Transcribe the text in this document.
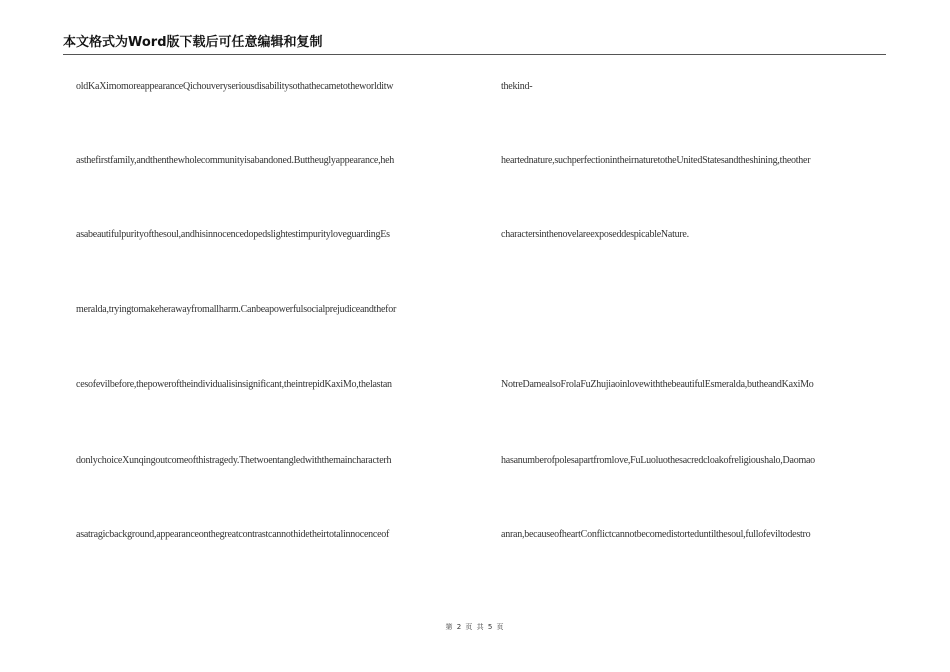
本文格式为Word版下载后可任意编辑和复制
oldKaXimomoreappearanceQichouveryseriousdisabilitysothathecametotheworlditw
asthefirstfamily,andthenthewholecommunityisabandoned.Buttheuglyappearance,heh
asabeautifulpurityofthesoul,andhisinnocencedopedslightestimpurityloveguardingEs
meralda,tryingtomakeherawayfromallharm.Canbeapowerfulsocialprejudiceandthefor
cesofevilbefore,thepoweroftheindividualisinsignificant,theintrepidKaxiMo,thelastan
donlychoiceXunqingoutcomeofthistragedy.Thetwoentangledwiththemaincharacterh
asatragicbackground,appearanceonthegreatcontrastcannothidetheirtotalinnocenceof
thekind-
heartednature,suchperfectionintheirnaturetotheUnitedStatesandtheshining,theother
charactersinthenovelareexposeddespicableNature.
NotreDamealsoFrolaFuZhujiaoinlovewiththebeautifulEsmeralda,butheandKaxiMo
hasanumberofpolesapartfromlove,FuLuoluothesacredcloakofreligioushalo,Daomao
anran,becauseofheartConflictcannotbecomedistorteduntilthesoul,fullofeviltodestro
第 2 页 共 5 页
